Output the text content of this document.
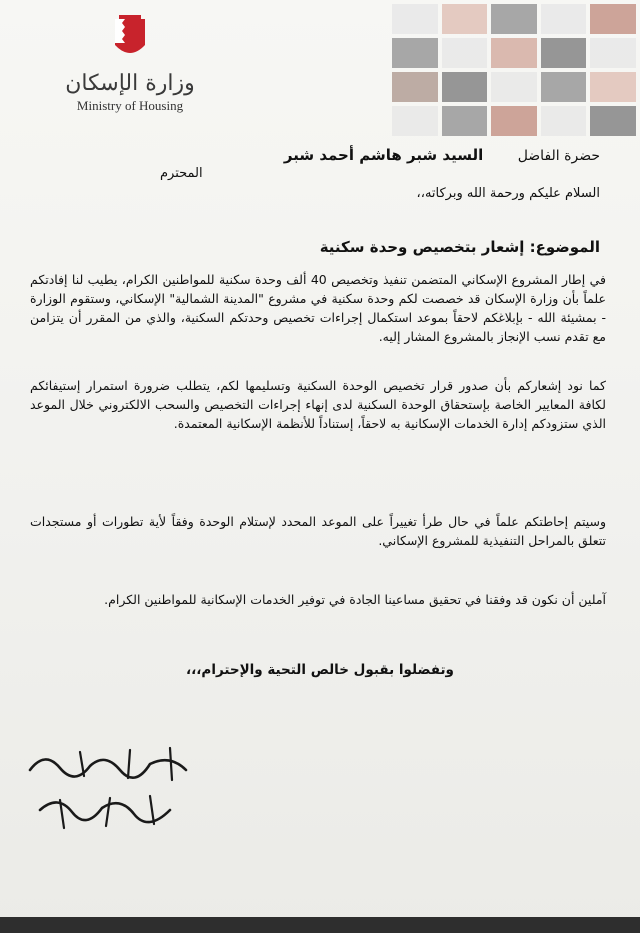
وزارة الإسكان
Ministry of Housing
حضرة الفاضل السيد شبر هاشم أحمد شبر
المحترم
السلام عليكم ورحمة الله وبركاته،،
الموضوع: إشعار بتخصيص وحدة سكنية
في إطار المشروع الإسكاني المتضمن تنفيذ وتخصيص 40 ألف وحدة سكنية للمواطنين الكرام، يطيب لنا إفادتكم علماً بأن وزارة الإسكان قد خصصت لكم وحدة سكنية في مشروع "المدينة الشمالية" الإسكاني، وستقوم الوزارة - بمشيئة الله - بإبلاغكم لاحقاً بموعد استكمال إجراءات تخصيص وحدتكم السكنية، والذي من المقرر أن يتزامن مع تقدم نسب الإنجاز بالمشروع المشار إليه.
كما نود إشعاركم بأن صدور قرار تخصيص الوحدة السكنية وتسليمها لكم، يتطلب ضرورة استمرار إستيفائكم لكافة المعايير الخاصة بإستحقاق الوحدة السكنية لدى إنهاء إجراءات التخصيص والسحب الالكتروني خلال الموعد الذي ستزودكم إدارة الخدمات الإسكانية به لاحقاً، إستناداً للأنظمة الإسكانية المعتمدة.
وسيتم إحاطتكم علماً في حال طرأ تغييراً على الموعد المحدد لإستلام الوحدة وفقاً لأية تطورات أو مستجدات تتعلق بالمراحل التنفيذية للمشروع الإسكاني.
آملين أن نكون قد وفقنا في تحقيق مساعينا الجادة في توفير الخدمات الإسكانية للمواطنين الكرام.
وتفضلوا بقبول خالص التحية والإحترام،،،
